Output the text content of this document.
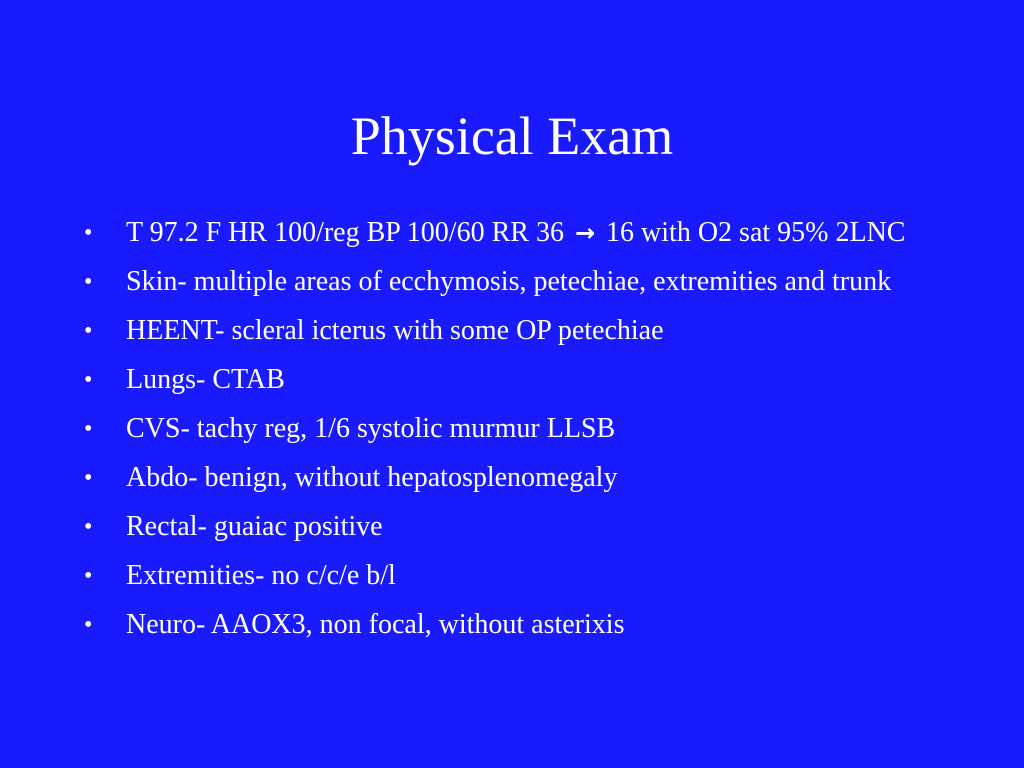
Physical Exam
• T 97.2 F HR 100/reg BP 100/60 RR 36 → 16 with O2 sat 95% 2LNC
• Skin- multiple areas of ecchymosis, petechiae, extremities and trunk
• HEENT- scleral icterus with some OP petechiae
• Lungs- CTAB
• CVS- tachy reg, 1/6 systolic murmur LLSB
• Abdo- benign, without hepatosplenomegaly
• Rectal- guaiac positive
• Extremities- no c/c/e b/l
• Neuro- AAOX3, non focal, without asterixis
